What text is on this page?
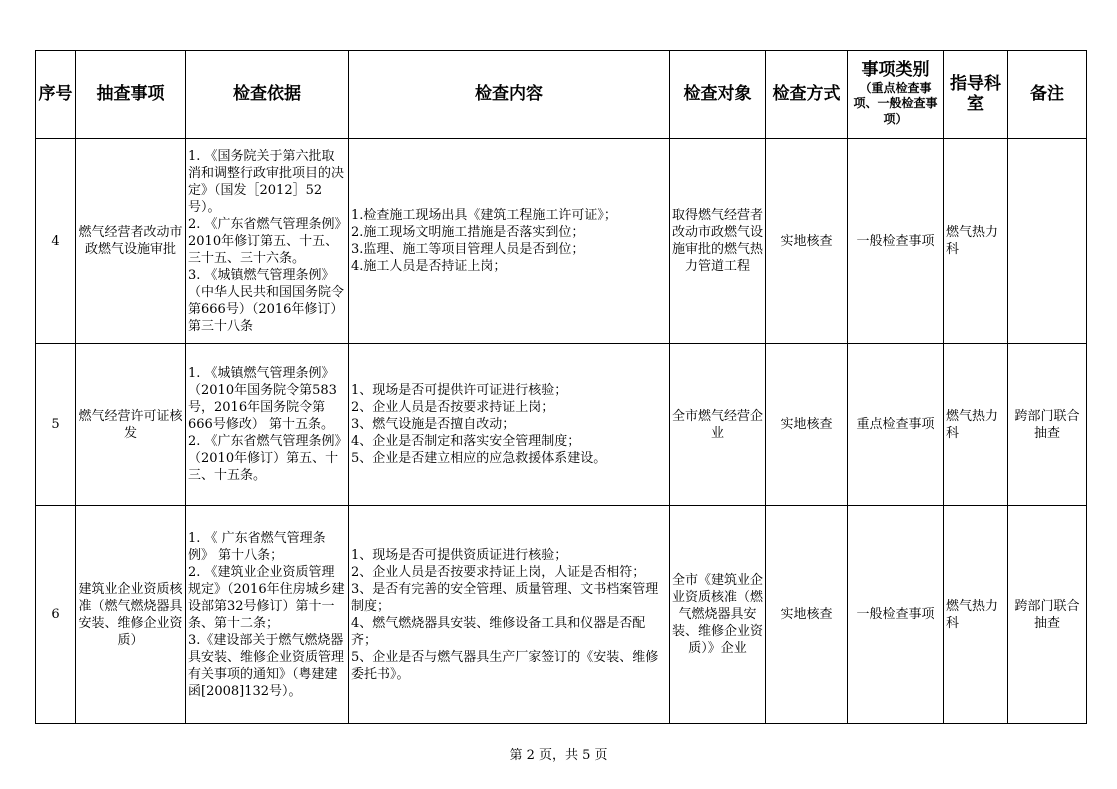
序号	抽查事项	检查依据	检查内容	检查对象	检查方式	事项类别
（重点检查事项、一般检查事项）	指导科室	备注
4	燃气经营者改动市政燃气设施审批	1. 《国务院关于第六批取消和调整行政审批项目的决定》（国发［2012］52号）。
2. 《广东省燃气管理条例》2010年修订第五、十五、三十五、三十六条。
3. 《城镇燃气管理条例》（中华人民共和国国务院令第666号）（2016年修订）第三十八条	1.检查施工现场出具《建筑工程施工许可证》；
2.施工现场文明施工措施是否落实到位；
3.监理、施工等项目管理人员是否到位；
4.施工人员是否持证上岗；	取得燃气经营者改动市政燃气设施审批的燃气热力管道工程	实地核查	一般检查事项	燃气热力科	
5	燃气经营许可证核发	1. 《城镇燃气管理条例》（2010年国务院令第583号，2016年国务院令第666号修改） 第十五条。
2. 《广东省燃气管理条例》（2010年修订）第五、十三、十五条。	1、现场是否可提供许可证进行核验；
2、企业人员是否按要求持证上岗；
3、燃气设施是否擅自改动；
4、企业是否制定和落实安全管理制度；
5、企业是否建立相应的应急救援体系建设。	全市燃气经营企业	实地核查	重点检查事项	燃气热力科	跨部门联合抽查
6	建筑业企业资质核准（燃气燃烧器具安装、维修企业资质）	1. 《 广东省燃气管理条例》 第十八条；
2. 《建筑业企业资质管理规定》（2016年住房城乡建设部第32号修订）第十一条、第十二条；
3.《建设部关于燃气燃烧器具安装、维修企业资质管理有关事项的通知》（粤建建函[2008]132号）。	1、现场是否可提供资质证进行核验；
2、企业人员是否按要求持证上岗，人证是否相符；
3、是否有完善的安全管理、质量管理、文书档案管理制度；
4、燃气燃烧器具安装、维修设备工具和仪器是否配齐；
5、企业是否与燃气器具生产厂家签订的《安装、维修委托书》。	全市《建筑业企业资质核准（燃气燃烧器具安装、维修企业资质）》企业	实地核查	一般检查事项	燃气热力科	跨部门联合抽查
第 2 页，共 5 页
